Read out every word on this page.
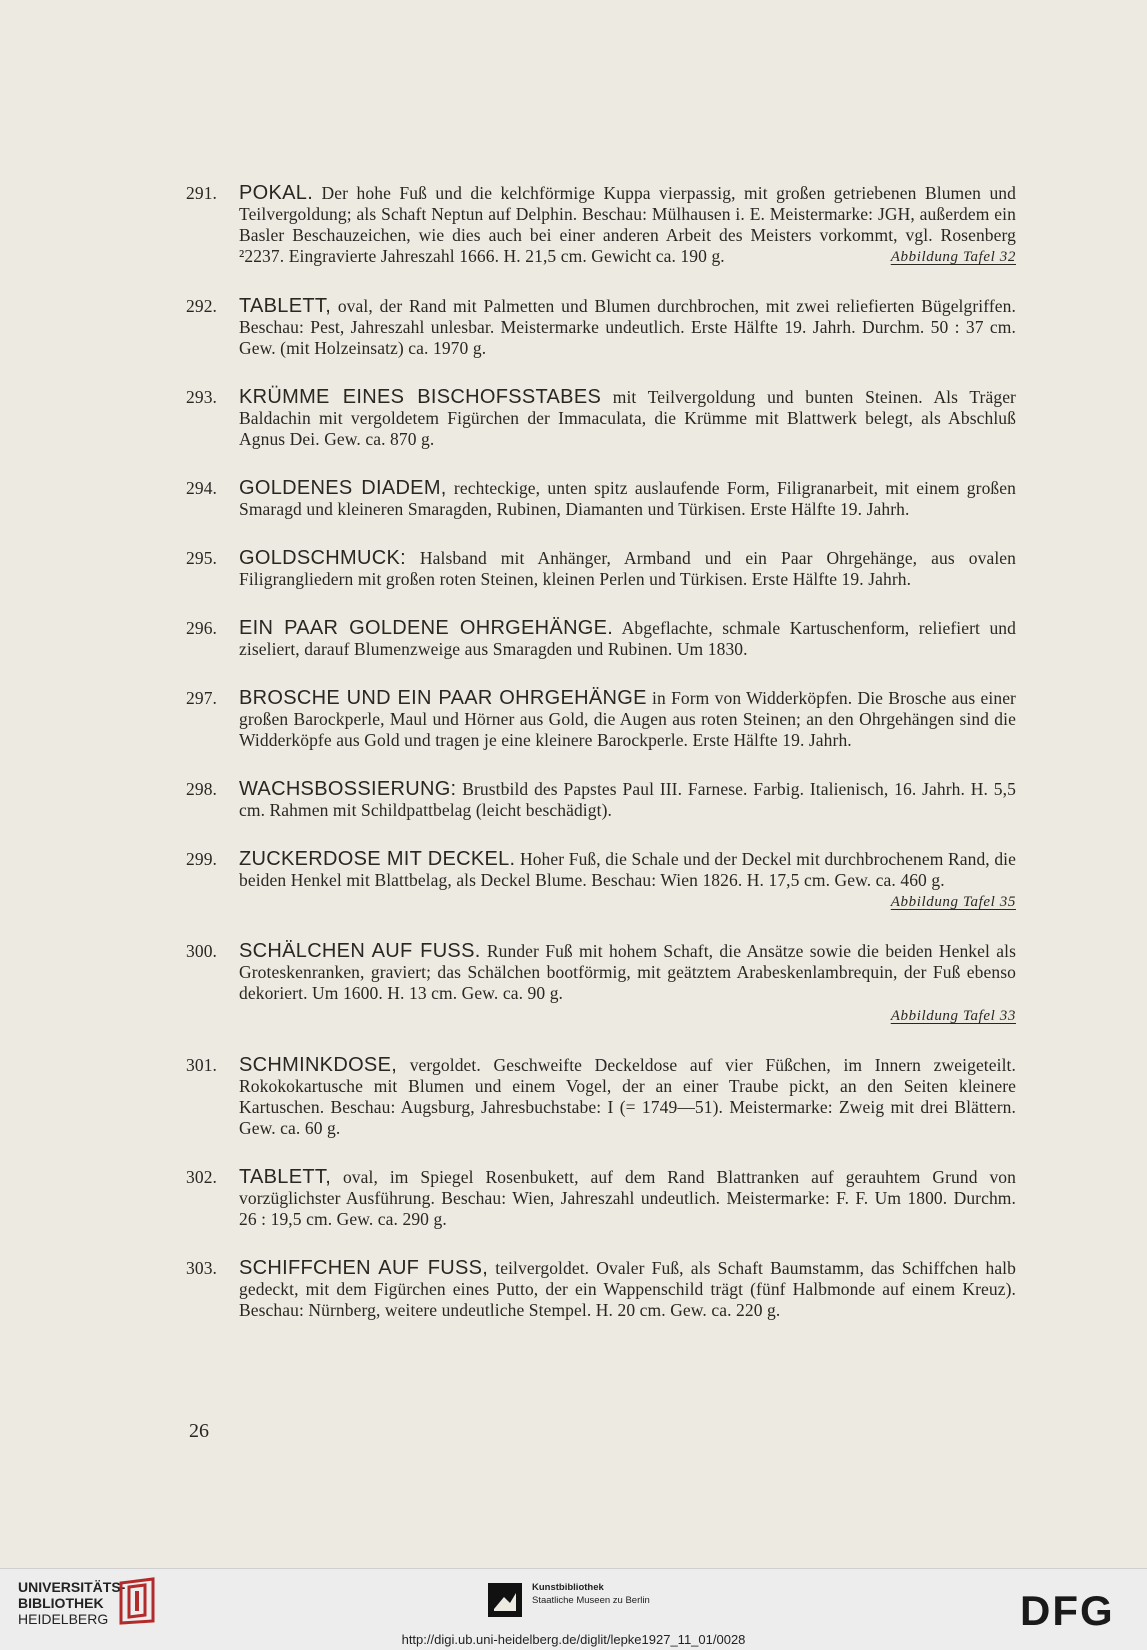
291.	POKAL. Der hohe Fuß und die kelchförmige Kuppa vierpassig, mit großen getriebenen Blumen und Teilvergoldung; als Schaft Neptun auf Delphin. Beschau: Mülhausen i. E. Meistermarke: JGH, außerdem ein Basler Beschauzeichen, wie dies auch bei einer anderen Arbeit des Meisters vorkommt, vgl. Rosenberg ²2237. Eingravierte Jahreszahl 1666. H. 21,5 cm. Gewicht ca. 190 g.	Abbildung Tafel 32
292.	TABLETT, oval, der Rand mit Palmetten und Blumen durchbrochen, mit zwei reliefierten Bügelgriffen. Beschau: Pest, Jahreszahl unlesbar. Meistermarke undeutlich. Erste Hälfte 19. Jahrh. Durchm. 50 : 37 cm. Gew. (mit Holzeinsatz) ca. 1970 g.
293.	KRÜMME EINES BISCHOFSSTABES mit Teilvergoldung und bunten Steinen. Als Träger Baldachin mit vergoldetem Figürchen der Immaculata, die Krümme mit Blattwerk belegt, als Abschluß Agnus Dei. Gew. ca. 870 g.
294.	GOLDENES DIADEM, rechteckige, unten spitz auslaufende Form, Filigranarbeit, mit einem großen Smaragd und kleineren Smaragden, Rubinen, Diamanten und Türkisen. Erste Hälfte 19. Jahrh.
295.	GOLDSCHMUCK: Halsband mit Anhänger, Armband und ein Paar Ohrgehänge, aus ovalen Filigrangliedern mit großen roten Steinen, kleinen Perlen und Türkisen. Erste Hälfte 19. Jahrh.
296.	EIN PAAR GOLDENE OHRGEHÄNGE. Abgeflachte, schmale Kartuschenform, reliefiert und ziseliert, darauf Blumenzweige aus Smaragden und Rubinen. Um 1830.
297.	BROSCHE UND EIN PAAR OHRGEHÄNGE in Form von Widderköpfen. Die Brosche aus einer großen Barockperle, Maul und Hörner aus Gold, die Augen aus roten Steinen; an den Ohrgehängen sind die Widderköpfe aus Gold und tragen je eine kleinere Barockperle. Erste Hälfte 19. Jahrh.
298.	WACHSBOSSIERUNG: Brustbild des Papstes Paul III. Farnese. Farbig. Italienisch, 16. Jahrh. H. 5,5 cm. Rahmen mit Schildpattbelag (leicht beschädigt).
299.	ZUCKERDOSE MIT DECKEL. Hoher Fuß, die Schale und der Deckel mit durchbrochenem Rand, die beiden Henkel mit Blattbelag, als Deckel Blume. Beschau: Wien 1826. H. 17,5 cm. Gew. ca. 460 g.
Abbildung Tafel 35
300.	SCHÄLCHEN AUF FUSS. Runder Fuß mit hohem Schaft, die Ansätze sowie die beiden Henkel als Groteskenranken, graviert; das Schälchen bootförmig, mit geätztem Arabeskenlambrequin, der Fuß ebenso dekoriert. Um 1600. H. 13 cm. Gew. ca. 90 g.
Abbildung Tafel 33
301.	SCHMINKDOSE, vergoldet. Geschweifte Deckeldose auf vier Füßchen, im Innern zweigeteilt. Rokokokartusche mit Blumen und einem Vogel, der an einer Traube pickt, an den Seiten kleinere Kartuschen. Beschau: Augsburg, Jahresbuchstabe: I (= 1749—51). Meistermarke: Zweig mit drei Blättern. Gew. ca. 60 g.
302.	TABLETT, oval, im Spiegel Rosenbukett, auf dem Rand Blattranken auf gerauhtem Grund von vorzüglichster Ausführung. Beschau: Wien, Jahreszahl undeutlich. Meistermarke: F. F. Um 1800. Durchm. 26 : 19,5 cm. Gew. ca. 290 g.
303.	SCHIFFCHEN AUF FUSS, teilvergoldet. Ovaler Fuß, als Schaft Baumstamm, das Schiffchen halb gedeckt, mit dem Figürchen eines Putto, der ein Wappenschild trägt (fünf Halbmonde auf einem Kreuz). Beschau: Nürnberg, weitere undeutliche Stempel. H. 20 cm. Gew. ca. 220 g.
26
UNIVERSITÄTS-
BIBLIOTHEK
HEIDELBERG
Kunstbibliothek
Staatliche Museen zu Berlin	DFG
http://digi.ub.uni-heidelberg.de/diglit/lepke1927_11_01/0028
